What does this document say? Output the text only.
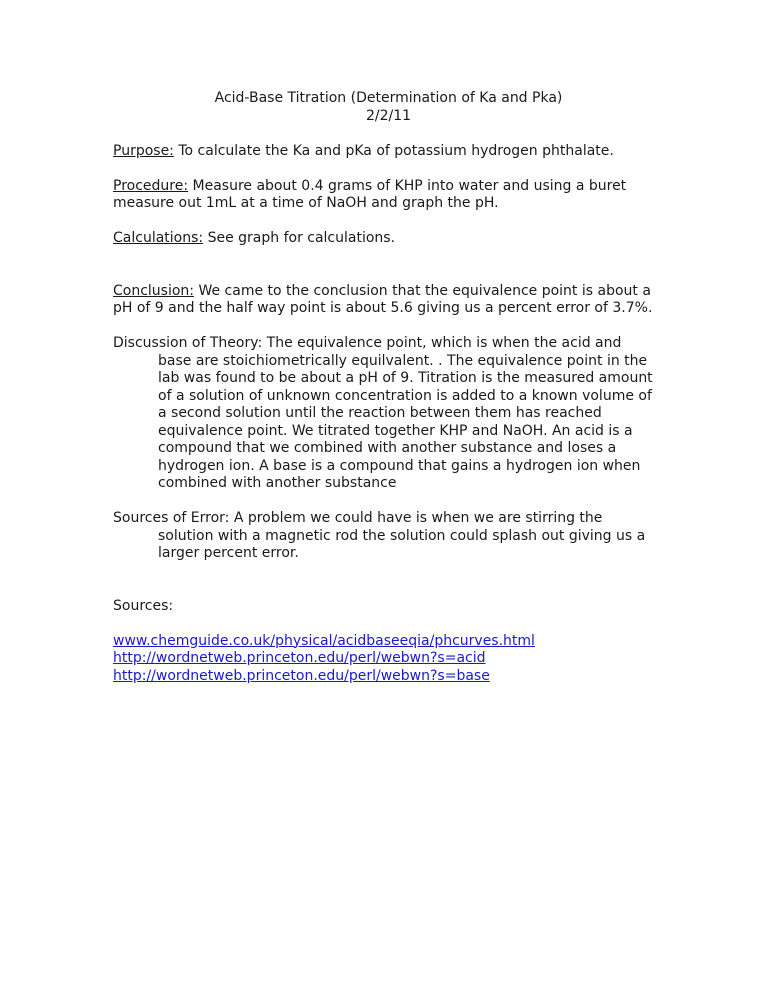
Acid-Base Titration (Determination of Ka and Pka)
2/2/11

Purpose: To calculate the Ka and pKa of potassium hydrogen phthalate.

Procedure: Measure about 0.4 grams of KHP into water and using a buret measure out 1mL at a time of NaOH and graph the pH.

Calculations: See graph for calculations.

Conclusion: We came to the conclusion that the equivalence point is about a pH of 9 and the half way point is about 5.6 giving us a percent error of 3.7%.

Discussion of Theory: The equivalence point, which is when the acid and base are stoichiometrically equilvalent. . The equivalence point in the lab was found to be about a pH of 9. Titration is the measured amount of a solution of unknown concentration is added to a known volume of a second solution until the reaction between them has reached equivalence point. We titrated together KHP and NaOH. An acid is a compound that we combined with another substance and loses a hydrogen ion. A base is a compound that gains a hydrogen ion when combined with another substance

Sources of Error: A problem we could have is when we are stirring the solution with a magnetic rod the solution could splash out giving us a larger percent error.

Sources:

www.chemguide.co.uk/physical/acidbaseeqia/phcurves.html
http://wordnetweb.princeton.edu/perl/webwn?s=acid
http://wordnetweb.princeton.edu/perl/webwn?s=base
